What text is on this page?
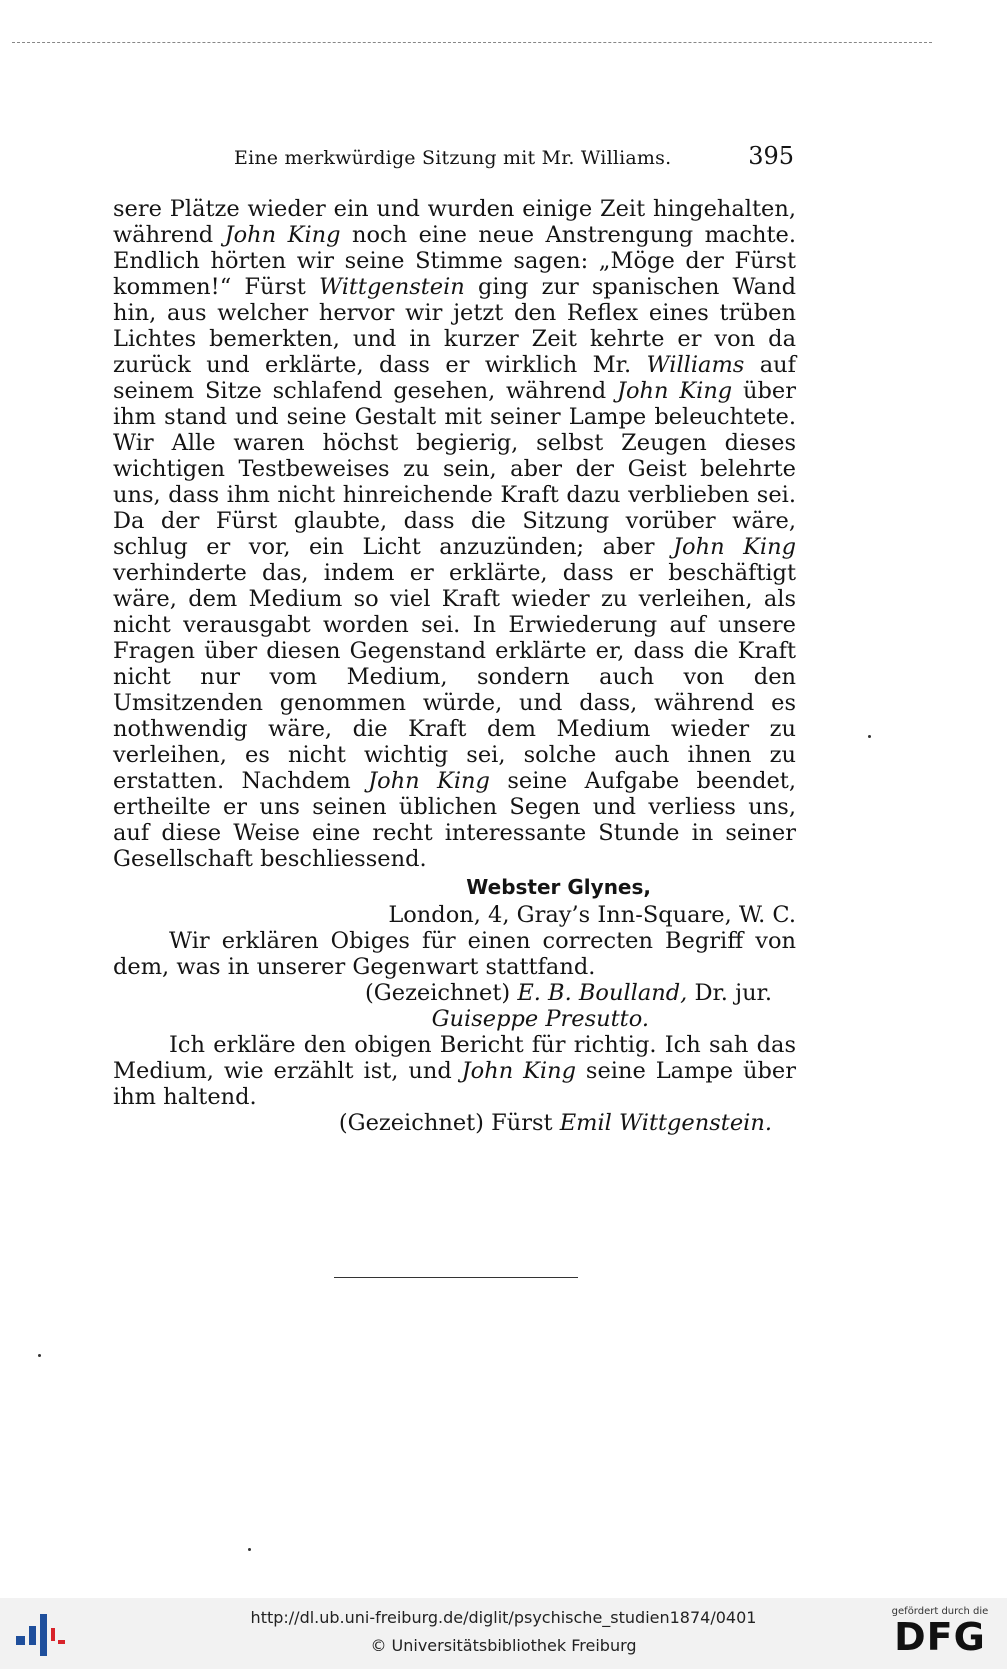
Eine merkwürdige Sitzung mit Mr. Williams.	395

sere Plätze wieder ein und wurden einige Zeit hingehalten, während John King noch eine neue Anstrengung machte. Endlich hörten wir seine Stimme sagen: „Möge der Fürst kommen!“ Fürst Wittgenstein ging zur spanischen Wand hin, aus welcher hervor wir jetzt den Reflex eines trüben Lichtes bemerkten, und in kurzer Zeit kehrte er von da zurück und erklärte, dass er wirklich Mr. Williams auf seinem Sitze schlafend gesehen, während John King über ihm stand und seine Gestalt mit seiner Lampe beleuchtete. Wir Alle waren höchst begierig, selbst Zeugen dieses wichtigen Testbeweises zu sein, aber der Geist belehrte uns, dass ihm nicht hinreichende Kraft dazu verblieben sei. Da der Fürst glaubte, dass die Sitzung vorüber wäre, schlug er vor, ein Licht anzuzünden; aber John King verhinderte das, indem er erklärte, dass er beschäftigt wäre, dem Medium so viel Kraft wieder zu verleihen, als nicht verausgabt worden sei. In Erwiederung auf unsere Fragen über diesen Gegenstand erklärte er, dass die Kraft nicht nur vom Medium, sondern auch von den Umsitzenden genommen würde, und dass, während es nothwendig wäre, die Kraft dem Medium wieder zu verleihen, es nicht wichtig sei, solche auch ihnen zu erstatten. Nachdem John King seine Aufgabe beendet, ertheilte er uns seinen üblichen Segen und verliess uns, auf diese Weise eine recht interessante Stunde in seiner Gesellschaft beschliessend.

Webster Glynes,

London, 4, Gray’s Inn-Square, W. C.

Wir erklären Obiges für einen correcten Begriff von dem, was in unserer Gegenwart stattfand.

(Gezeichnet) E. B. Boulland, Dr. jur.

Guiseppe Presutto.

Ich erkläre den obigen Bericht für richtig. Ich sah das Medium, wie erzählt ist, und John King seine Lampe über ihm haltend.

(Gezeichnet) Fürst Emil Wittgenstein.

http://dl.ub.uni-freiburg.de/diglit/psychische_studien1874/0401
© Universitätsbibliothek Freiburg
gefördert durch die
DFG
